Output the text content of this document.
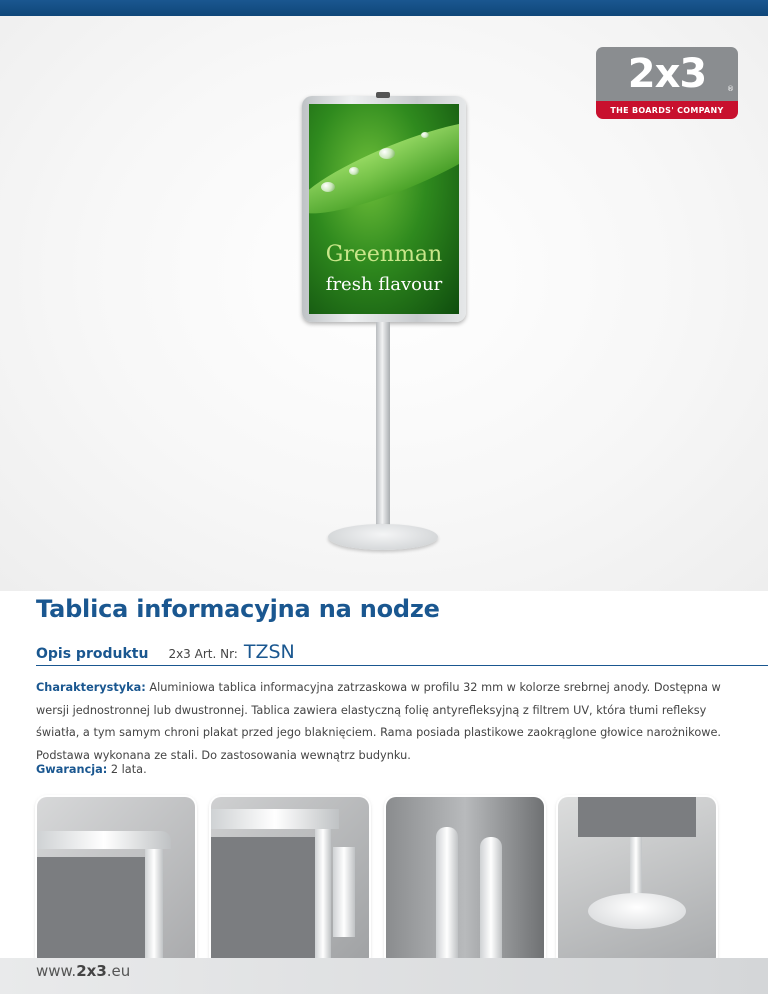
2x3	®
THE BOARDS' COMPANY
Greenman
fresh flavour
Tablica informacyjna na nodze
Opis produktu 2x3 Art. Nr: TZSN

Charakterystyka: Aluminiowa tablica informacyjna zatrzaskowa w profilu 32 mm w kolorze srebrnej anody. Dostępna w wersji jednostronnej lub dwustronnej. Tablica zawiera elastyczną folię antyrefleksyjną z filtrem UV, która tłumi refleksy światła, a tym samym chroni plakat przed jego blaknięciem. Rama posiada plastikowe zaokrąglone głowice narożnikowe. Podstawa wykonana ze stali. Do zastosowania wewnątrz budynku.

Gwarancja: 2 lata.

www.2x3.eu
